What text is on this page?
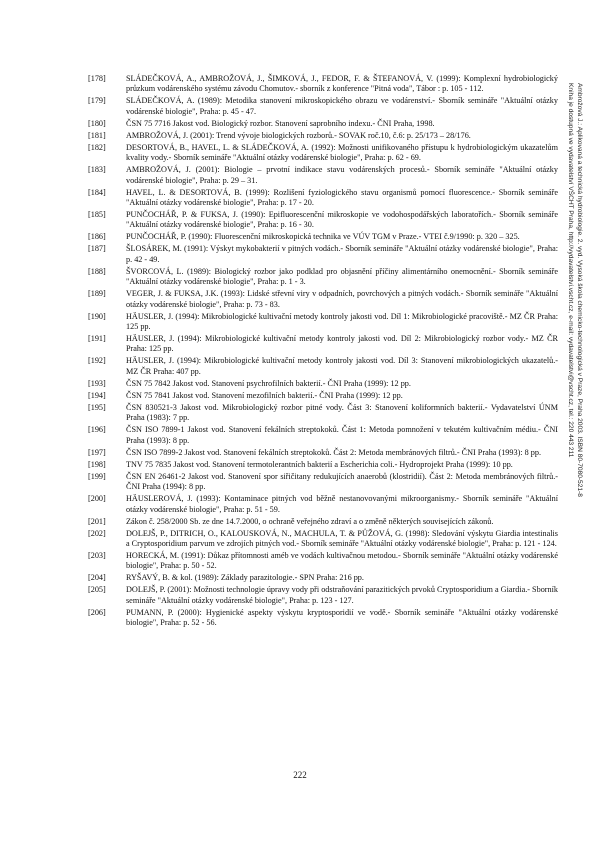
[178] SLÁDEČKOVÁ, A., AMBROŽOVÁ, J., ŠIMKOVÁ, J., FEDOR, F. & ŠTEFANOVÁ, V. (1999): Komplexní hydrobiologický průzkum vodárenského systému závodu Chomutov.- sborník z konference "Pitná voda", Tábor : p. 105 - 112.
[179] SLÁDEČKOVÁ, A. (1989): Metodika stanovení mikroskopického obrazu ve vodárenství.- Sborník semináře "Aktuální otázky vodárenské biologie", Praha: p. 45 - 47.
[180] ČSN 75 7716 Jakost vod. Biologický rozbor. Stanovení saprobního indexu.- ČNI Praha, 1998.
[181] AMBROŽOVÁ, J. (2001): Trend vývoje biologických rozborů.- SOVAK roč.10, č.6: p. 25/173 – 28/176.
[182] DESORTOVÁ, B., HAVEL, L. & SLÁDEČKOVÁ, A. (1992): Možnosti unifikovaného přístupu k hydrobiologickým ukazatelům kvality vody.- Sborník semináře "Aktuální otázky vodárenské biologie", Praha: p. 62 - 69.
[183] AMBROŽOVÁ, J. (2001): Biologie – prvotní indikace stavu vodárenských procesů.- Sborník semináře "Aktuální otázky vodárenské biologie", Praha: p. 29 – 31.
[184] HAVEL, L. & DESORTOVÁ, B. (1999): Rozlišení fyziologického stavu organismů pomocí fluorescence.- Sborník semináře "Aktuální otázky vodárenské biologie", Praha: p. 17 - 20.
[185] PUNČOCHÁŘ, P. & FUKSA, J. (1990): Epifluorescenční mikroskopie ve vodohospodářských laboratořích.- Sborník semináře "Aktuální otázky vodárenské biologie", Praha: p. 16 - 30.
[186] PUNČOCHÁŘ, P. (1990): Fluorescenční mikroskopická technika ve VÚV TGM v Praze.- VTEI č.9/1990: p. 320 – 325.
[187] ŠLOSÁREK, M. (1991): Výskyt mykobakterií v pitných vodách.- Sborník semináře "Aktuální otázky vodárenské biologie", Praha: p. 42 - 49.
[188] ŠVORCOVÁ, L. (1989): Biologický rozbor jako podklad pro objasnění příčiny alimentárního onemocnění.- Sborník semináře "Aktuální otázky vodárenské biologie", Praha: p. 1 - 3.
[189] VEGER, J. & FUKSA, J.K. (1993): Lidské střevní viry v odpadních, povrchových a pitných vodách.- Sborník semináře "Aktuální otázky vodárenské biologie", Praha: p. 73 - 83.
[190] HÄUSLER, J. (1994): Mikrobiologické kultivační metody kontroly jakosti vod. Díl 1: Mikrobiologické pracoviště.- MZ ČR Praha: 125 pp.
[191] HÄUSLER, J. (1994): Mikrobiologické kultivační metody kontroly jakosti vod. Díl 2: Mikrobiologický rozbor vody.- MZ ČR Praha: 125 pp.
[192] HÄUSLER, J. (1994): Mikrobiologické kultivační metody kontroly jakosti vod. Díl 3: Stanovení mikrobiologických ukazatelů.- MZ ČR Praha: 407 pp.
[193] ČSN 75 7842 Jakost vod. Stanovení psychrofilních bakterií.- ČNI Praha (1999): 12 pp.
[194] ČSN 75 7841 Jakost vod. Stanovení mezofilních bakterií.- ČNI Praha (1999): 12 pp.
[195] ČSN 830521-3 Jakost vod. Mikrobiologický rozbor pitné vody. Část 3: Stanovení koliformních bakterií.- Vydavatelství ÚNM Praha (1983): 7 pp.
[196] ČSN ISO 7899-1 Jakost vod. Stanovení fekálních streptokoků. Část 1: Metoda pomnožení v tekutém kultivačním médiu.- ČNI Praha (1993): 8 pp.
[197] ČSN ISO 7899-2 Jakost vod. Stanovení fekálních streptokoků. Část 2: Metoda membránových filtrů.- ČNI Praha (1993): 8 pp.
[198] TNV 75 7835 Jakost vod. Stanovení termotolerantních bakterií a Escherichia coli.- Hydroprojekt Praha (1999): 10 pp.
[199] ČSN EN 26461-2 Jakost vod. Stanovení spor siřičitany redukujících anaerobů (klostridií). Část 2: Metoda membránových filtrů.- ČNI Praha (1994): 8 pp.
[200] HÄUSLEROVÁ, J. (1993): Kontaminace pitných vod běžně nestanovovanými mikroorganismy.- Sborník semináře "Aktuální otázky vodárenské biologie", Praha: p. 51 - 59.
[201] Zákon č. 258/2000 Sb. ze dne 14.7.2000, o ochraně veřejného zdraví a o změně některých souvisejících zákonů.
[202] DOLEJŠ, P., DITRICH, O., KALOUSKOVÁ, N., MACHULA, T. & PŮŽOVÁ, G. (1998): Sledování výskytu Giardia intestinalis a Cryptosporidium parvum ve zdrojích pitných vod.- Sborník semináře "Aktuální otázky vodárenské biologie", Praha: p. 121 - 124.
[203] HORECKÁ, M. (1991): Důkaz přítomnosti améb ve vodách kultivačnou metodou.- Sborník semináře "Aktuální otázky vodárenské biologie", Praha: p. 50 - 52.
[204] RYŠAVÝ, B. & kol. (1989): Základy parazitologie.- SPN Praha: 216 pp.
[205] DOLEJŠ, P. (2001): Možnosti technologie úpravy vody při odstraňování parazitických prvoků Cryptosporidium a Giardia.- Sborník semináře "Aktuální otázky vodárenské biologie", Praha: p. 123 - 127.
[206] PUMANN, P. (2000): Hygienické aspekty výskytu kryptosporidií ve vodě.- Sborník semináře "Aktuální otázky vodárenské biologie", Praha: p. 52 - 56.
222
Ambrožová J.: Aplikovaná a technická hydrobiologie. 2. vyd. Vysoká škola chemicko-technologická v Praze, Praha 2003. ISBN 80-7080-521-8
Kniha je dostupná ve vydavatelství VŠCHT Praha, http://vydavatelstvi.vscht.cz, e-mail: vydavatelstvi@vscht.cz, tel.: 220 443 211
